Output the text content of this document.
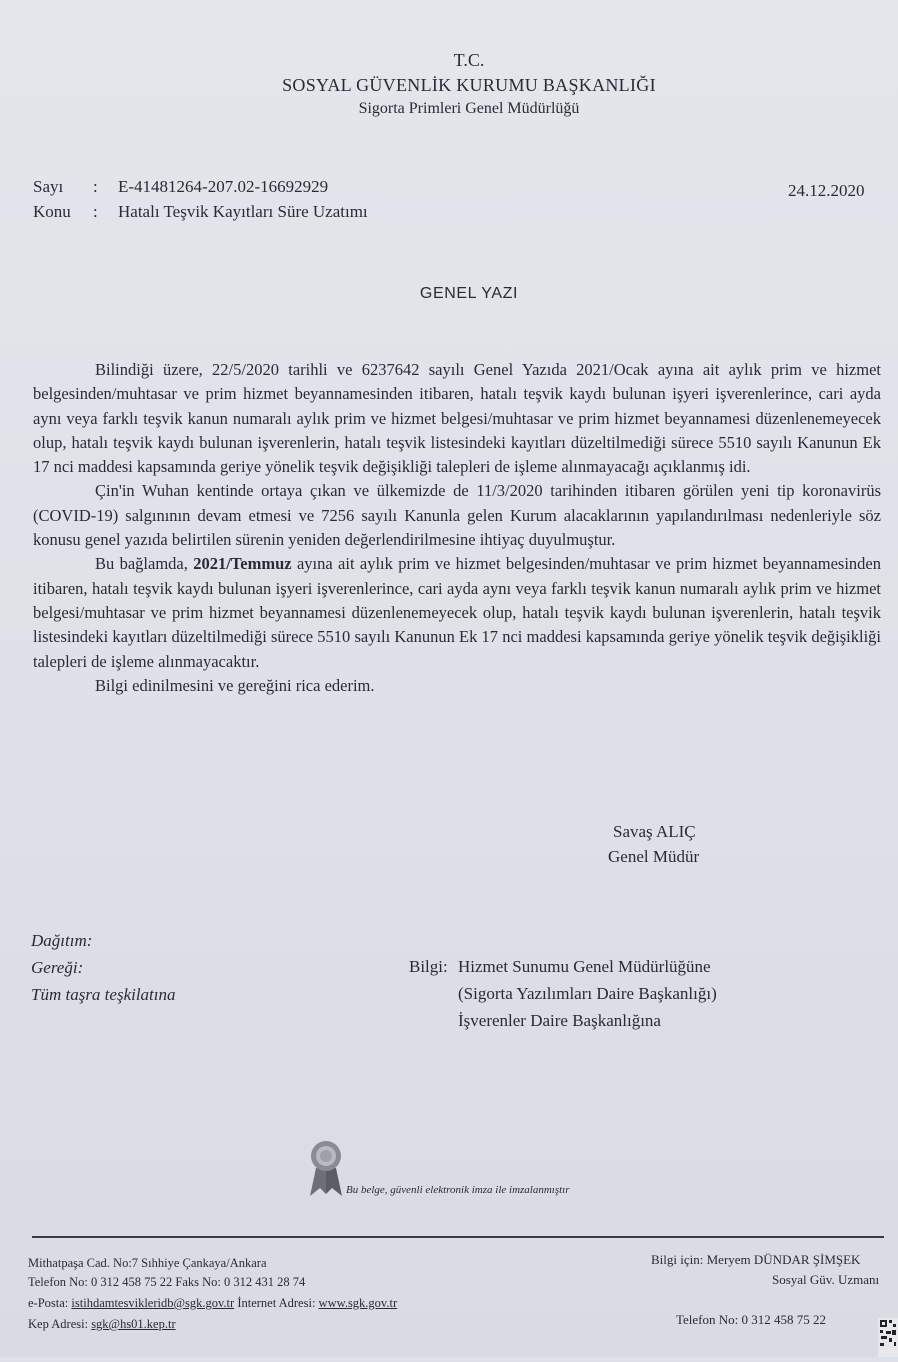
T.C.
SOSYAL GÜVENLİK KURUMU BAŞKANLIĞI
Sigorta Primleri Genel Müdürlüğü
Sayı : E-41481264-207.02-16692929
Konu : Hatalı Teşvik Kayıtları Süre Uzatımı
24.12.2020
GENEL YAZI

Bilindiği üzere, 22/5/2020 tarihli ve 6237642 sayılı Genel Yazıda 2021/Ocak ayına ait aylık prim ve hizmet belgesinden/muhtasar ve prim hizmet beyannamesinden itibaren, hatalı teşvik kaydı bulunan işyeri işverenlerince, cari ayda aynı veya farklı teşvik kanun numaralı aylık prim ve hizmet belgesi/muhtasar ve prim hizmet beyannamesi düzenlenemeyecek olup, hatalı teşvik kaydı bulunan işverenlerin, hatalı teşvik listesindeki kayıtları düzeltilmediği sürece 5510 sayılı Kanunun Ek 17 nci maddesi kapsamında geriye yönelik teşvik değişikliği talepleri de işleme alınmayacağı açıklanmış idi.

Çin'in Wuhan kentinde ortaya çıkan ve ülkemizde de 11/3/2020 tarihinden itibaren görülen yeni tip koronavirüs (COVID-19) salgınının devam etmesi ve 7256 sayılı Kanunla gelen Kurum alacaklarının yapılandırılması nedenleriyle söz konusu genel yazıda belirtilen sürenin yeniden değerlendirilmesine ihtiyaç duyulmuştur.

Bu bağlamda, 2021/Temmuz ayına ait aylık prim ve hizmet belgesinden/muhtasar ve prim hizmet beyannamesinden itibaren, hatalı teşvik kaydı bulunan işyeri işverenlerince, cari ayda aynı veya farklı teşvik kanun numaralı aylık prim ve hizmet belgesi/muhtasar ve prim hizmet beyannamesi düzenlenemeyecek olup, hatalı teşvik kaydı bulunan işverenlerin, hatalı teşvik listesindeki kayıtları düzeltilmediği sürece 5510 sayılı Kanunun Ek 17 nci maddesi kapsamında geriye yönelik teşvik değişikliği talepleri de işleme alınmayacaktır.

Bilgi edinilmesini ve gereğini rica ederim.

Savaş ALIÇ
Genel Müdür
Dağıtım:
Gereği:
Tüm taşra teşkilatına
Bilgi: Hizmet Sunumu Genel Müdürlüğüne
(Sigorta Yazılımları Daire Başkanlığı)
İşverenler Daire Başkanlığına
Bu belge, güvenli elektronik imza ile imzalanmıştır
Mithatpaşa Cad. No:7 Sıhhiye Çankaya/Ankara
Telefon No: 0 312 458 75 22 Faks No: 0 312 431 28 74
e-Posta: istihdamtesvikleridb@sgk.gov.tr İnternet Adresi: www.sgk.gov.tr
Kep Adresi: sgk@hs01.kep.tr
Bilgi için: Meryem DÜNDAR ŞİMŞEK
Sosyal Güv. Uzmanı
Telefon No: 0 312 458 75 22
